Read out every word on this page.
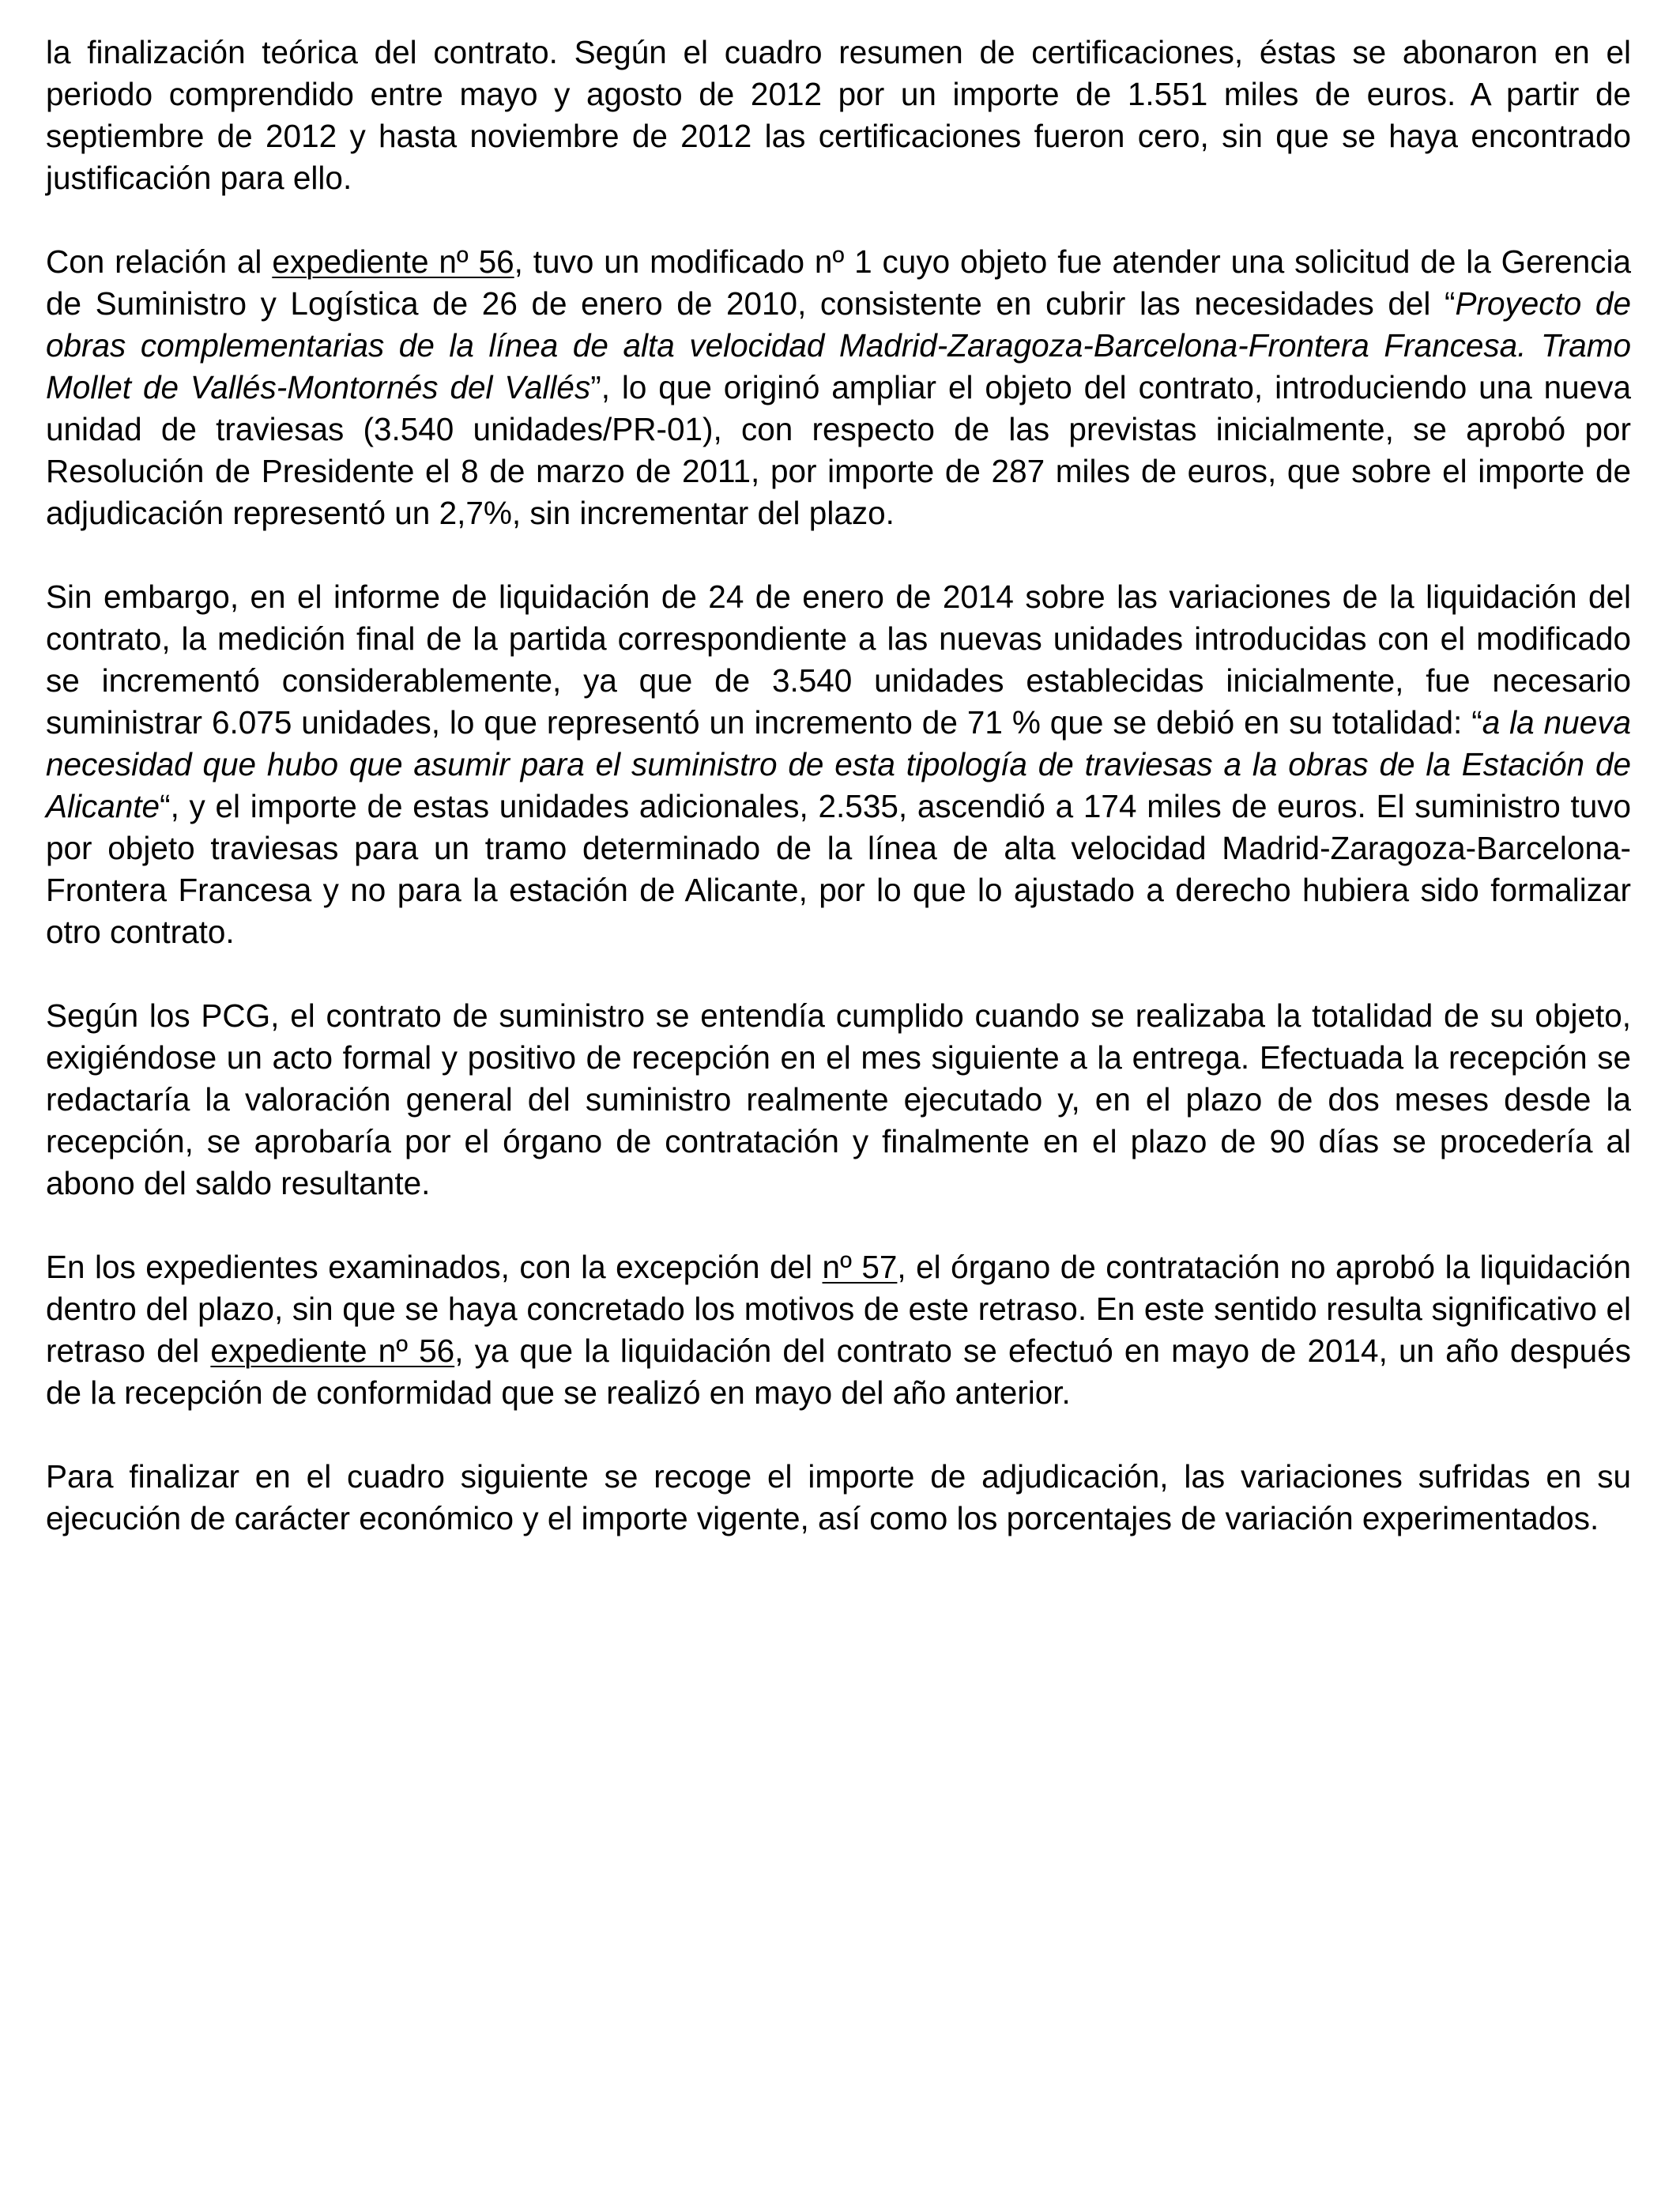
la finalización teórica del contrato. Según el cuadro resumen de certificaciones, éstas se abonaron en el periodo comprendido entre mayo y agosto de 2012 por un importe de 1.551 miles de euros. A partir de septiembre de 2012 y hasta noviembre de 2012 las certificaciones fueron cero, sin que se haya encontrado justificación para ello.

Con relación al expediente nº 56, tuvo un modificado nº 1 cuyo objeto fue atender una solicitud de la Gerencia de Suministro y Logística de 26 de enero de 2010, consistente en cubrir las necesidades del “Proyecto de obras complementarias de la línea de alta velocidad Madrid-Zaragoza-Barcelona-Frontera Francesa. Tramo Mollet de Vallés-Montornés del Vallés”, lo que originó ampliar el objeto del contrato, introduciendo una nueva unidad de traviesas (3.540 unidades/PR-01), con respecto de las previstas inicialmente, se aprobó por Resolución de Presidente el 8 de marzo de 2011, por importe de 287 miles de euros, que sobre el importe de adjudicación representó un 2,7%, sin incrementar del plazo.

Sin embargo, en el informe de liquidación de 24 de enero de 2014 sobre las variaciones de la liquidación del contrato, la medición final de la partida correspondiente a las nuevas unidades introducidas con el modificado se incrementó considerablemente, ya que de 3.540 unidades establecidas inicialmente, fue necesario suministrar 6.075 unidades, lo que representó un incremento de 71 % que se debió en su totalidad: “a la nueva necesidad que hubo que asumir para el suministro de esta tipología de traviesas a la obras de la Estación de Alicante“, y el importe de estas unidades adicionales, 2.535, ascendió a 174 miles de euros. El suministro tuvo por objeto traviesas para un tramo determinado de la línea de alta velocidad Madrid-Zaragoza-Barcelona-Frontera Francesa y no para la estación de Alicante, por lo que lo ajustado a derecho hubiera sido formalizar otro contrato.

Según los PCG, el contrato de suministro se entendía cumplido cuando se realizaba la totalidad de su objeto, exigiéndose un acto formal y positivo de recepción en el mes siguiente a la entrega. Efectuada la recepción se redactaría la valoración general del suministro realmente ejecutado y, en el plazo de dos meses desde la recepción, se aprobaría por el órgano de contratación y finalmente en el plazo de 90 días se procedería al abono del saldo resultante.

En los expedientes examinados, con la excepción del nº 57, el órgano de contratación no aprobó la liquidación dentro del plazo, sin que se haya concretado los motivos de este retraso. En este sentido resulta significativo el retraso del expediente nº 56, ya que la liquidación del contrato se efectuó en mayo de 2014, un año después de la recepción de conformidad que se realizó en mayo del año anterior.

Para finalizar en el cuadro siguiente se recoge el importe de adjudicación, las variaciones sufridas en su ejecución de carácter económico y el importe vigente, así como los porcentajes de variación experimentados.
